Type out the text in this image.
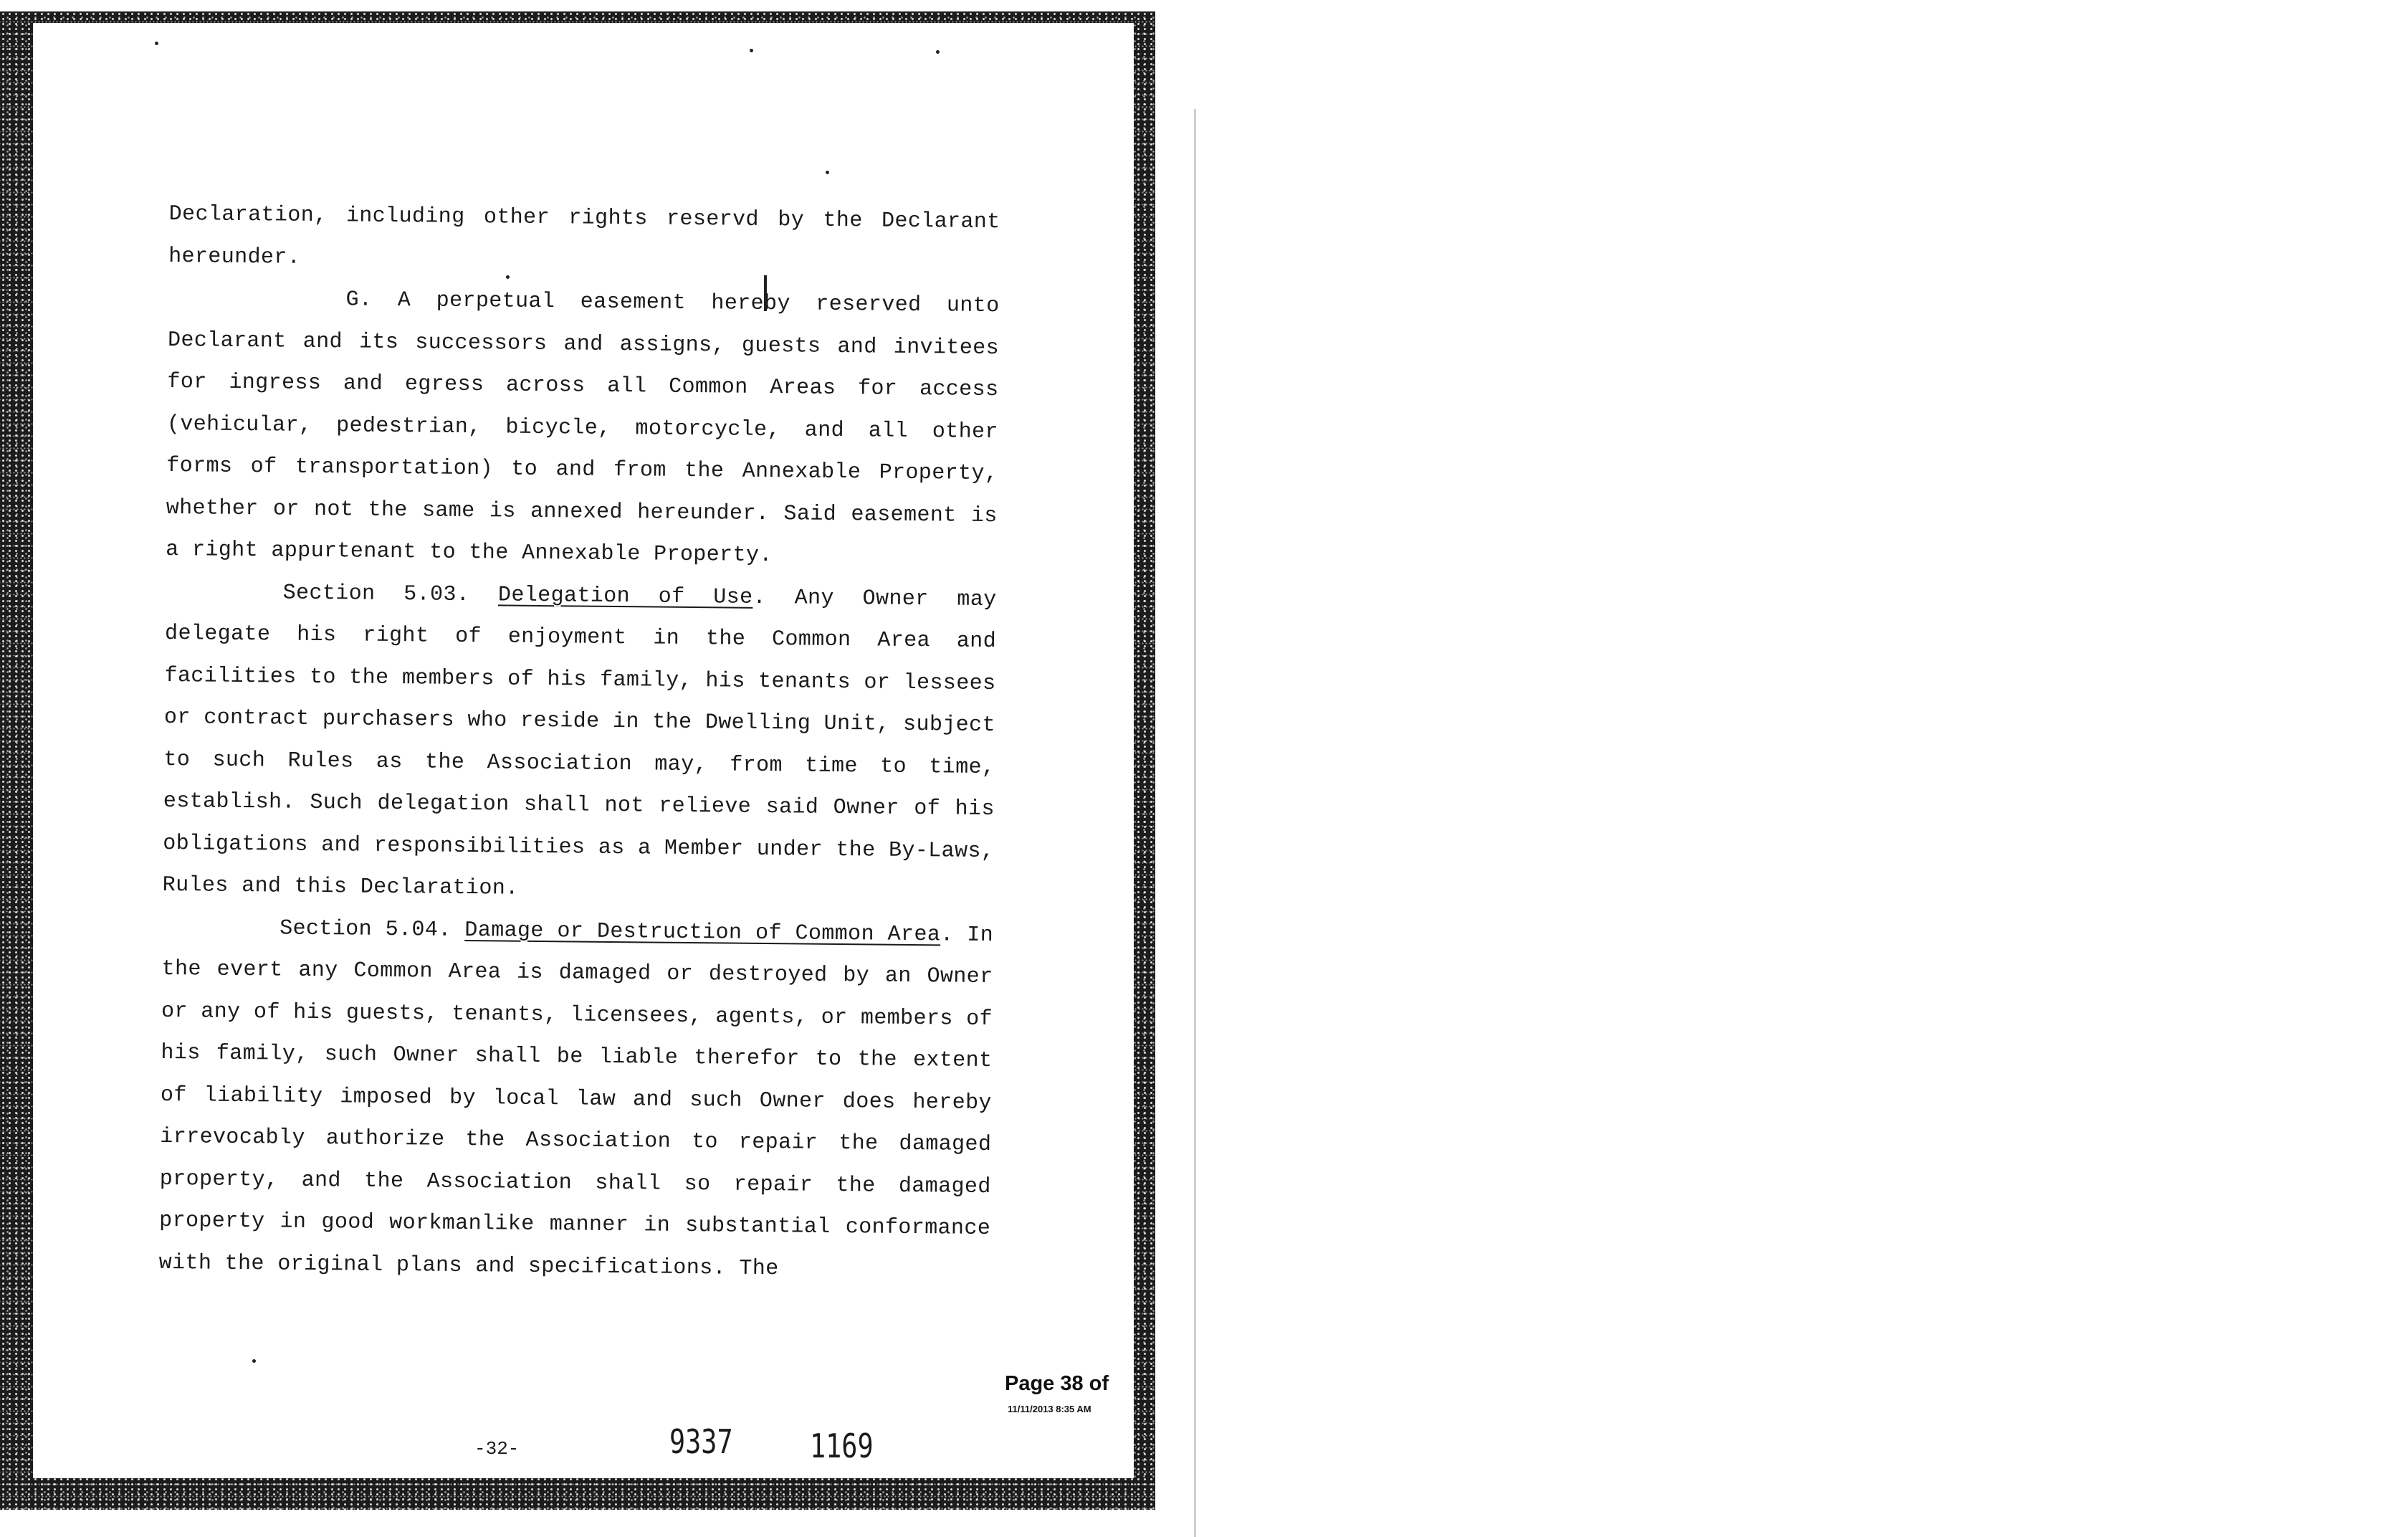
Declaration, including other rights reservd by the Declarant hereunder.

G. A perpetual easement hereby reserved unto Declarant and its successors and assigns, guests and invitees for ingress and egress across all Common Areas for access (vehicular, pedestrian, bicycle, motorcycle, and all other forms of transportation) to and from the Annexable Property, whether or not the same is annexed hereunder. Said easement is a right appurtenant to the Annexable Property.

Section 5.03. Delegation of Use. Any Owner may delegate his right of enjoyment in the Common Area and facilities to the members of his family, his tenants or lessees or contract purchasers who reside in the Dwelling Unit, subject to such Rules as the Association may, from time to time, establish. Such delegation shall not relieve said Owner of his obligations and responsibilities as a Member under the By-Laws, Rules and this Declaration.

Section 5.04. Damage or Destruction of Common Area. In the evert any Common Area is damaged or destroyed by an Owner or any of his guests, tenants, licensees, agents, or members of his family, such Owner shall be liable therefor to the extent of liability imposed by local law and such Owner does hereby irrevocably authorize the Association to repair the damaged property, and the Association shall so repair the damaged property in good workmanlike manner in substantial conformance with the original plans and specifications. The

Page 38 of
11/11/2013 8:35 AM
-32-	9337 1169
